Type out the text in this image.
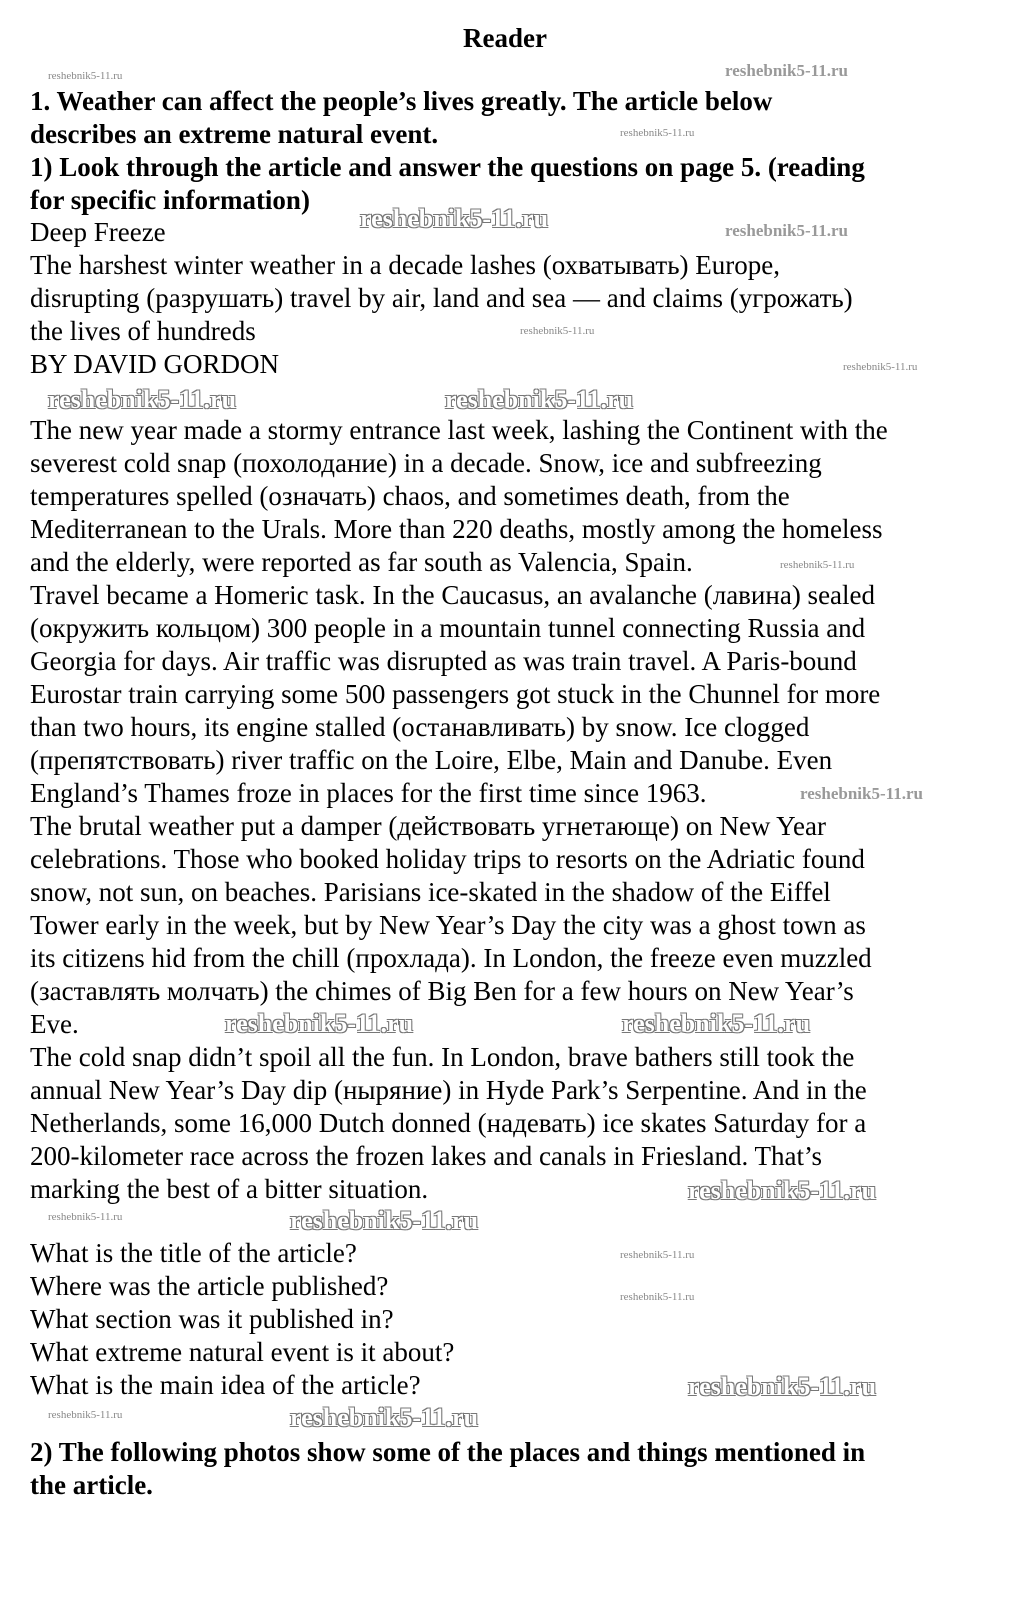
Reader
1. Weather can affect the people’s lives greatly. The article below
describes an extreme natural event.
1) Look through the article and answer the questions on page 5. (reading
for specific information)
Deep Freeze
The harshest winter weather in a decade lashes (охватывать) Europe,
disrupting (разрушать) travel by air, land and sea — and claims (угрожать)
the lives of hundreds
BY DAVID GORDON
The new year made a stormy entrance last week, lashing the Continent with the
severest cold snap (похолодание) in a decade. Snow, ice and subfreezing
temperatures spelled (означать) chaos, and sometimes death, from the
Mediterranean to the Urals. More than 220 deaths, mostly among the homeless
and the elderly, were reported as far south as Valencia, Spain.
Travel became a Homeric task. In the Caucasus, an avalanche (лавина) sealed
(окружить кольцом) 300 people in a mountain tunnel connecting Russia and
Georgia for days. Air traffic was disrupted as was train travel. A Paris-bound
Eurostar train carrying some 500 passengers got stuck in the Chunnel for more
than two hours, its engine stalled (останавливать) by snow. Ice clogged
(препятствовать) river traffic on the Loire, Elbe, Main and Danube. Even
England’s Thames froze in places for the first time since 1963.
The brutal weather put a damper (действовать угнетающе) on New Year
celebrations. Those who booked holiday trips to resorts on the Adriatic found
snow, not sun, on beaches. Parisians ice-skated in the shadow of the Eiffel
Tower early in the week, but by New Year’s Day the city was a ghost town as
its citizens hid from the chill (прохлада). In London, the freeze even muzzled
(заставлять молчать) the chimes of Big Ben for a few hours on New Year’s
Eve.
The cold snap didn’t spoil all the fun. In London, brave bathers still took the
annual New Year’s Day dip (ныряние) in Hyde Park’s Serpentine. And in the
Netherlands, some 16,000 Dutch donned (надевать) ice skates Saturday for a
200-kilometer race across the frozen lakes and canals in Friesland. That’s
marking the best of a bitter situation.
What is the title of the article?
Where was the article published?
What section was it published in?
What extreme natural event is it about?
What is the main idea of the article?
2) The following photos show some of the places and things mentioned in
the article.
reshebnik5-11.ru	reshebnik5-11.ru
reshebnik5-11.ru
reshebnik5-11.ru	reshebnik5-11.ru
reshebnik5-11.ru
reshebnik5-11.ru
reshebnik5-11.ru	reshebnik5-11.ru
reshebnik5-11.ru
reshebnik5-11.ru
reshebnik5-11.ru	reshebnik5-11.ru
reshebnik5-11.ru
reshebnik5-11.ru	reshebnik5-11.ru
reshebnik5-11.ru
reshebnik5-11.ru
reshebnik5-11.ru
reshebnik5-11.ru	reshebnik5-11.ru
